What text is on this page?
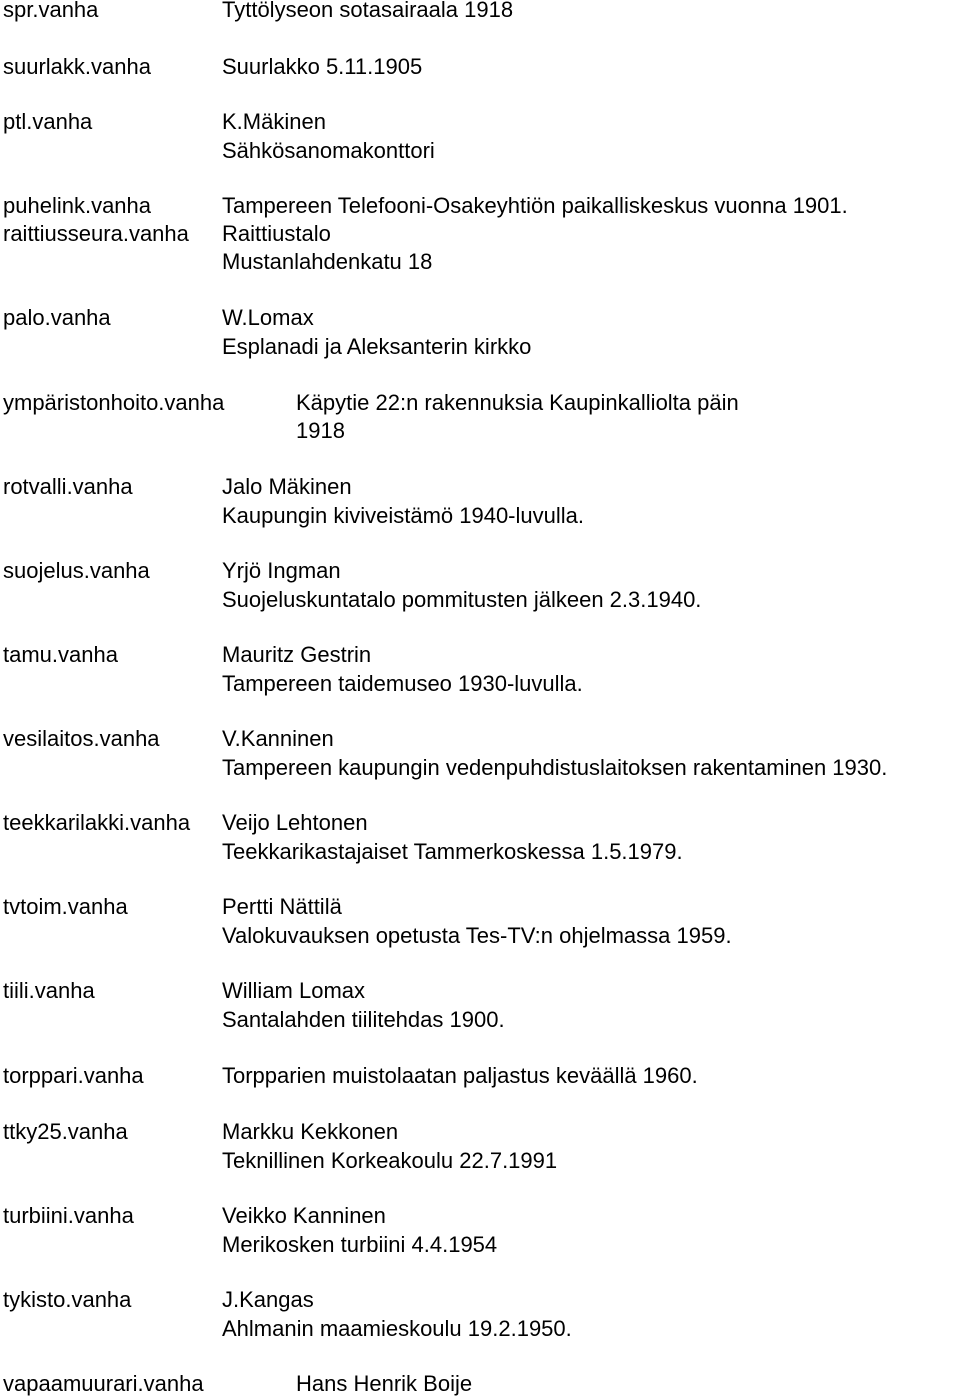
spr.vanha	Tyttölyseon sotasairaala 1918

suurlakk.vanha	Suurlakko 5.11.1905

ptl.vanha	K.Mäkinen

Sähkösanomakonttori

puhelink.vanha	Tampereen Telefooni-Osakeyhtiön paikalliskeskus vuonna 1901.

raittiusseura.vanha Raittiustalo

Mustanlahdenkatu 18

palo.vanha	W.Lomax

Esplanadi ja Aleksanterin kirkko

ympäristonhoito.vanha	Käpytie 22:n rakennuksia Kaupinkalliolta päin

1918

rotvalli.vanha	Jalo Mäkinen

Kaupungin kiviveistämö 1940-luvulla.

suojelus.vanha	Yrjö Ingman

Suojeluskuntatalo pommitusten jälkeen 2.3.1940.

tamu.vanha	Mauritz Gestrin

Tampereen taidemuseo 1930-luvulla.

vesilaitos.vanha	V.Kanninen

Tampereen kaupungin vedenpuhdistuslaitoksen rakentaminen 1930.

teekkarilakki.vanha Veijo Lehtonen

Teekkarikastajaiset Tammerkoskessa 1.5.1979.

tvtoim.vanha	Pertti Nättilä

Valokuvauksen opetusta Tes-TV:n ohjelmassa 1959.

tiili.vanha	William Lomax

Santalahden tiilitehdas 1900.

torppari.vanha	Torpparien muistolaatan paljastus keväällä 1960.

ttky25.vanha	Markku Kekkonen

Teknillinen Korkeakoulu 22.7.1991

turbiini.vanha	Veikko Kanninen

Merikosken turbiini 4.4.1954

tykisto.vanha	J.Kangas

Ahlmanin maamieskoulu 19.2.1950.

vapaamuurari.vanha	Hans Henrik Boije
